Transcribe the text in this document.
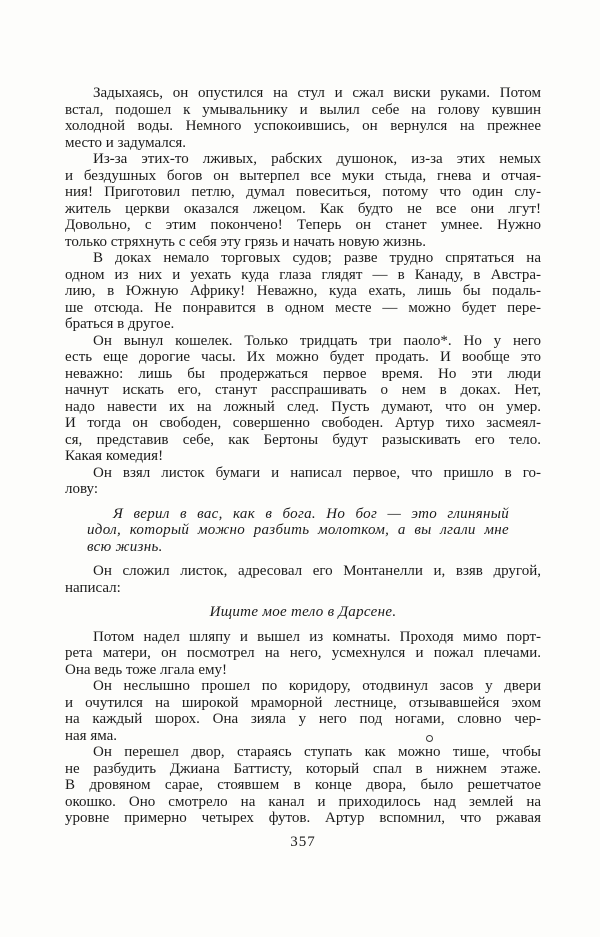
Задыхаясь, он опустился на стул и сжал виски руками. Потом
встал, подошел к умывальнику и вылил себе на голову кувшин
холодной воды. Немного успокоившись, он вернулся на прежнее
место и задумался.
Из-за этих-то лживых, рабских душонок, из-за этих немых
и бездушных богов он вытерпел все муки стыда, гнева и отчая-
ния! Приготовил петлю, думал повеситься, потому что один слу-
житель церкви оказался лжецом. Как будто не все они лгут!
Довольно, с этим покончено! Теперь он станет умнее. Нужно
только стряхнуть с себя эту грязь и начать новую жизнь.
В доках немало торговых судов; разве трудно спрятаться на
одном из них и уехать куда глаза глядят — в Канаду, в Австра-
лию, в Южную Африку! Неважно, куда ехать, лишь бы подаль-
ше отсюда. Не понравится в одном месте — можно будет пере-
браться в другое.
Он вынул кошелек. Только тридцать три паоло*. Но у него
есть еще дорогие часы. Их можно будет продать. И вообще это
неважно: лишь бы продержаться первое время. Но эти люди
начнут искать его, станут расспрашивать о нем в доках. Нет,
надо навести их на ложный след. Пусть думают, что он умер.
И тогда он свободен, совершенно свободен. Артур тихо засмеял-
ся, представив себе, как Бертоны будут разыскивать его тело.
Какая комедия!
Он взял листок бумаги и написал первое, что пришло в го-
лову:
Я верил в вас, как в бога. Но бог — это глиняный
идол, который можно разбить молотком, а вы лгали мне
всю жизнь.
Он сложил листок, адресовал его Монтанелли и, взяв другой,
написал:
Ищите мое тело в Дарсене.
Потом надел шляпу и вышел из комнаты. Проходя мимо порт-
рета матери, он посмотрел на него, усмехнулся и пожал плечами.
Она ведь тоже лгала ему!
Он неслышно прошел по коридору, отодвинул засов у двери
и очутился на широкой мраморной лестнице, отзывавшейся эхом
на каждый шорох. Она зияла у него под ногами, словно чер-
ная яма.
Он перешел двор, стараясь ступать как можно тише, чтобы
не разбудить Джиана Баттисту, который спал в нижнем этаже.
В дровяном сарае, стоявшем в конце двора, было решетчатое
окошко. Оно смотрело на канал и приходилось над землей на
уровне примерно четырех футов. Артур вспомнил, что ржавая
357
